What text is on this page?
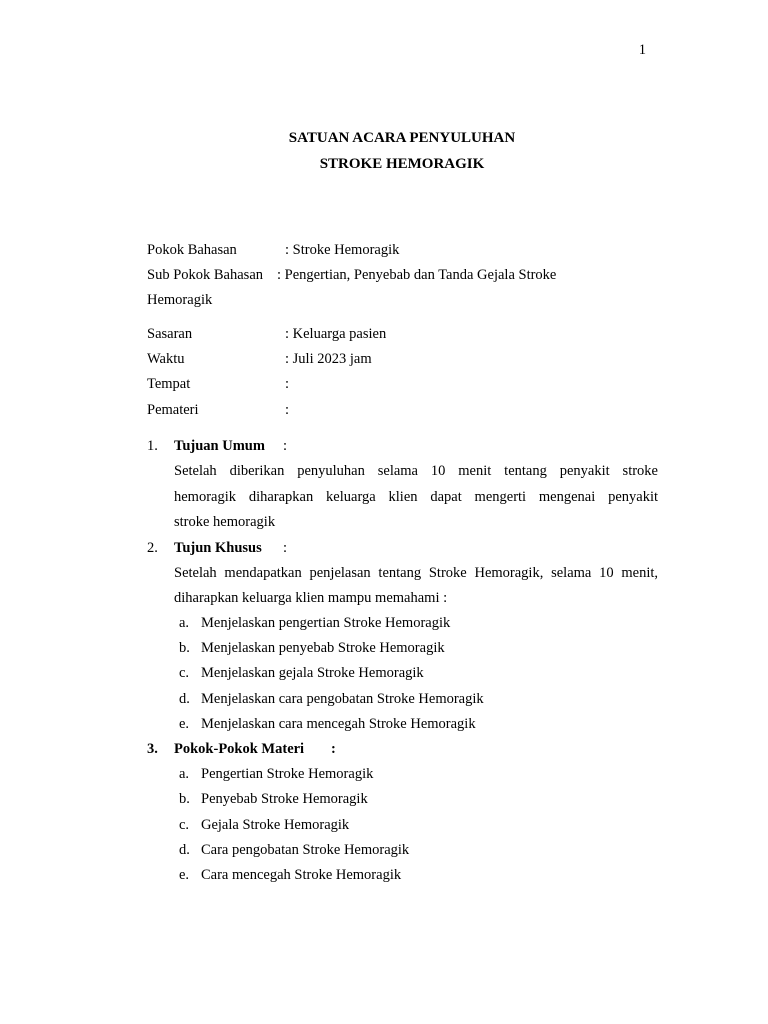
1
SATUAN ACARA PENYULUHAN
STROKE HEMORAGIK
Pokok Bahasan	: Stroke Hemoragik
Sub Pokok Bahasan : Pengertian, Penyebab dan Tanda Gejala Stroke
Hemoragik
Sasaran	: Keluarga pasien
Waktu	: Juli 2023 jam
Tempat	:
Pemateri	:
1. Tujuan Umum :
Setelah diberikan penyuluhan selama 10 menit tentang penyakit stroke
hemoragik diharapkan keluarga klien dapat mengerti mengenai penyakit
stroke hemoragik
2. Tujun Khusus :
Setelah mendapatkan penjelasan tentang Stroke Hemoragik, selama 10 menit,
diharapkan keluarga klien mampu memahami :
a. Menjelaskan pengertian Stroke Hemoragik
b. Menjelaskan penyebab Stroke Hemoragik
c. Menjelaskan gejala Stroke Hemoragik
d. Menjelaskan cara pengobatan Stroke Hemoragik
e. Menjelaskan cara mencegah Stroke Hemoragik
3. Pokok-Pokok Materi :
a. Pengertian Stroke Hemoragik
b. Penyebab Stroke Hemoragik
c. Gejala Stroke Hemoragik
d. Cara pengobatan Stroke Hemoragik
e. Cara mencegah Stroke Hemoragik
